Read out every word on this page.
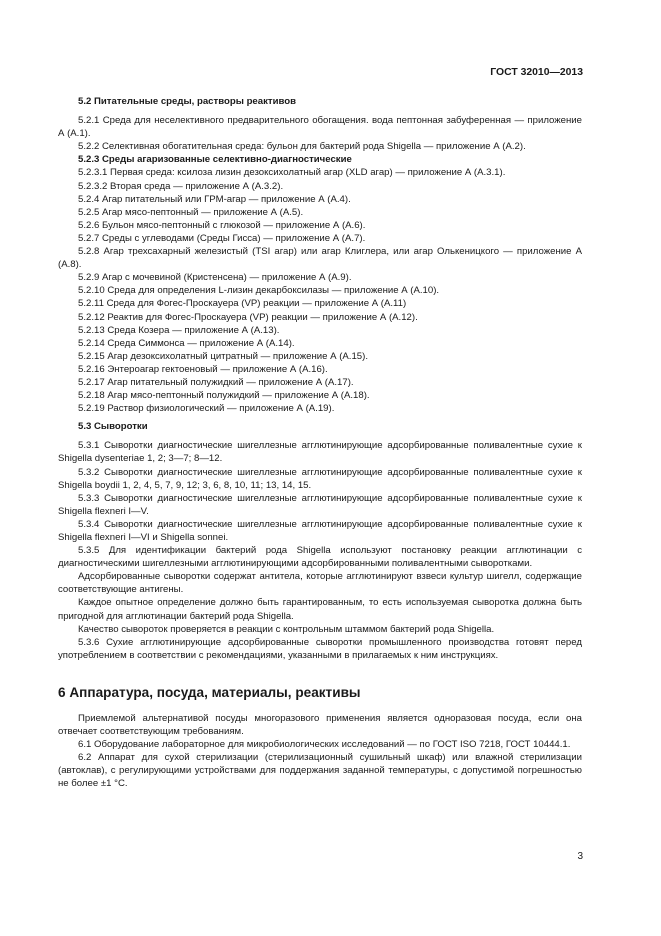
ГОСТ 32010—2013
5.2 Питательные среды, растворы реактивов
5.2.1 Среда для неселективного предварительного обогащения. вода пептонная забуференная — приложение А (А.1).
5.2.2 Селективная обогатительная среда: бульон для бактерий рода Shigella — приложение А (А.2).
5.2.3 Среды агаризованные селективно-диагностические
5.2.3.1 Первая среда: ксилоза лизин дезоксихолатный агар (XLD агар) — приложение А (А.3.1).
5.2.3.2 Вторая среда — приложение А (А.3.2).
5.2.4 Агар питательный или ГРМ-агар — приложение А (А.4).
5.2.5 Агар мясо-пептонный — приложение А (А.5).
5.2.6 Бульон мясо-пептонный с глюкозой — приложение А (А.6).
5.2.7 Среды с углеводами (Среды Гисса) — приложение А (А.7).
5.2.8 Агар трехсахарный железистый (TSI агар) или агар Клиглера, или агар Олькеницкого — приложение А (А.8).
5.2.9 Агар с мочевиной (Кристенсена) — приложение А (А.9).
5.2.10 Среда для определения L-лизин декарбоксилазы — приложение А (А.10).
5.2.11 Среда для Фогес-Проскауера (VP) реакции — приложение А (А.11)
5.2.12 Реактив для Фогес-Проскауера (VP) реакции — приложение А (А.12).
5.2.13 Среда Козера — приложение А (А.13).
5.2.14 Среда Симмонса — приложение А (А.14).
5.2.15 Агар дезоксихолатный цитратный — приложение А (А.15).
5.2.16 Энтероагар гектоеновый — приложение А (А.16).
5.2.17 Агар питательный полужидкий — приложение А (А.17).
5.2.18 Агар мясо-пептонный полужидкий — приложение А (А.18).
5.2.19 Раствор физиологический — приложение А (А.19).
5.3 Сыворотки
5.3.1 Сыворотки диагностические шигеллезные агглютинирующие адсорбированные поливалентные сухие к Shigella dysenteriae 1, 2; 3—7; 8—12.
5.3.2 Сыворотки диагностические шигеллезные агглютинирующие адсорбированные поливалентные сухие к Shigella boydii 1, 2, 4, 5, 7, 9, 12; 3, 6, 8, 10, 11; 13, 14, 15.
5.3.3 Сыворотки диагностические шигеллезные агглютинирующие адсорбированные поливалентные сухие к Shigella flexneri I—V.
5.3.4 Сыворотки диагностические шигеллезные агглютинирующие адсорбированные поливалентные сухие к Shigella flexneri I—VI и Shigella sonnei.
5.3.5 Для идентификации бактерий рода Shigella используют постановку реакции агглютинации с диагностическими шигеллезными агглютинирующими адсорбированными поливалентными сыворотками.
Адсорбированные сыворотки содержат антитела, которые агглютинируют взвеси культур шигелл, содержащие соответствующие антигены.
Каждое опытное определение должно быть гарантированным, то есть используемая сыворотка должна быть пригодной для агглютинации бактерий рода Shigella.
Качество сывороток проверяется в реакции с контрольным штаммом бактерий рода Shigella.
5.3.6 Сухие агглютинирующие адсорбированные сыворотки промышленного производства готовят перед употреблением в соответствии с рекомендациями, указанными в прилагаемых к ним инструкциях.
6 Аппаратура, посуда, материалы, реактивы
Приемлемой альтернативой посуды многоразового применения является одноразовая посуда, если она отвечает соответствующим требованиям.
6.1 Оборудование лабораторное для микробиологических исследований — по ГОСТ ISO 7218, ГОСТ 10444.1.
6.2 Аппарат для сухой стерилизации (стерилизационный сушильный шкаф) или влажной стерилизации (автоклав), с регулирующими устройствами для поддержания заданной температуры, с допустимой погрешностью не более ±1 °С.
3
